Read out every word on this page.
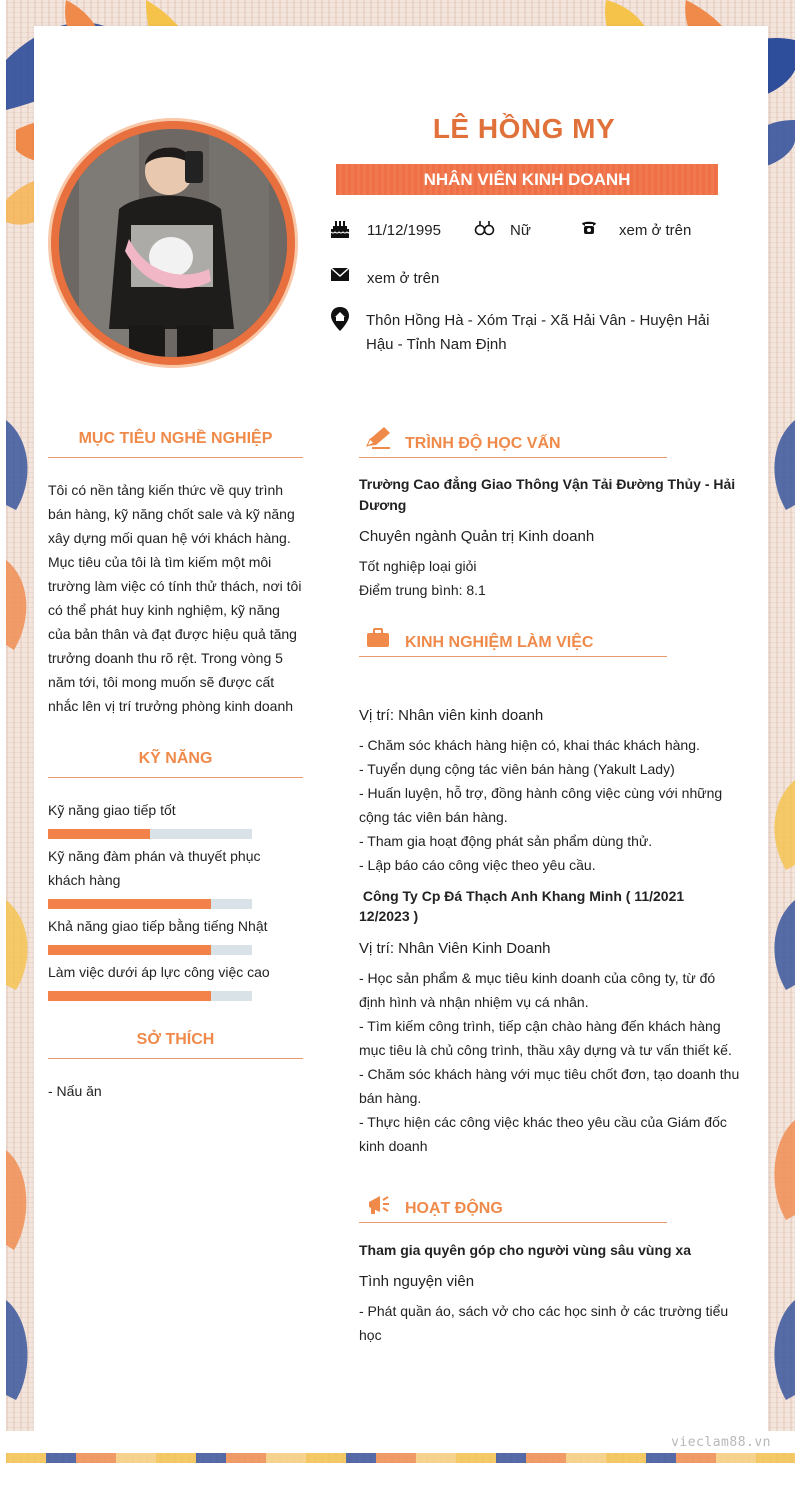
vieclam88.vn
LÊ HỒNG MY
NHÂN VIÊN KINH DOANH
11/12/1995	Nữ	xem ở trên
xem ở trên
Thôn Hồng Hà - Xóm Trại - Xã Hải Vân - Huyện Hải Hậu - Tỉnh Nam Định
MỤC TIÊU NGHỀ NGHIỆP
Tôi có nền tảng kiến thức về quy trình bán hàng, kỹ năng chốt sale và kỹ năng xây dựng mối quan hệ với khách hàng. Mục tiêu của tôi là tìm kiếm một môi trường làm việc có tính thử thách, nơi tôi có thể phát huy kinh nghiệm, kỹ năng của bản thân và đạt được hiệu quả tăng trưởng doanh thu rõ rệt. Trong vòng 5 năm tới, tôi mong muốn sẽ được cất nhắc lên vị trí trưởng phòng kinh doanh
KỸ NĂNG
Kỹ năng giao tiếp tốt
Kỹ năng đàm phán và thuyết phục khách hàng
Khả năng giao tiếp bằng tiếng Nhật
Làm việc dưới áp lực công việc cao
SỞ THÍCH
- Nấu ăn
TRÌNH ĐỘ HỌC VẤN
Trường Cao đẳng Giao Thông Vận Tải Đường Thủy - Hải Dương
Chuyên ngành Quản trị Kinh doanh
Tốt nghiệp loại giỏi
Điểm trung bình: 8.1
KINH NGHIỆM LÀM VIỆC
Vị trí: Nhân viên kinh doanh
- Chăm sóc khách hàng hiện có, khai thác khách hàng.
- Tuyển dụng cộng tác viên bán hàng (Yakult Lady)
- Huấn luyện, hỗ trợ, đồng hành công việc cùng với những cộng tác viên bán hàng.
- Tham gia hoạt động phát sản phẩm dùng thử.
- Lập báo cáo công việc theo yêu cầu.
Công Ty Cp Đá Thạch Anh Khang Minh ( 11/2021 12/2023 )
Vị trí: Nhân Viên Kinh Doanh
- Học sản phẩm & mục tiêu kinh doanh của công ty, từ đó định hình và nhận nhiệm vụ cá nhân.
- Tìm kiếm công trình, tiếp cận chào hàng đến khách hàng mục tiêu là chủ công trình, thầu xây dựng và tư vấn thiết kế.
- Chăm sóc khách hàng với mục tiêu chốt đơn, tạo doanh thu bán hàng.
- Thực hiện các công việc khác theo yêu cầu của Giám đốc kinh doanh
HOẠT ĐỘNG
Tham gia quyên góp cho người vùng sâu vùng xa
Tình nguyện viên
- Phát quần áo, sách vở cho các học sinh ở các trường tiểu học
